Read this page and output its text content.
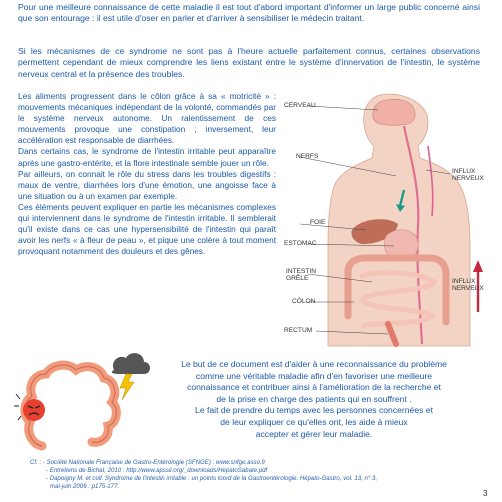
Pour une meilleure connaissance de cette maladie il est tout d'abord important d'informer un large public concerné ainsi que son entourage : il est utile d'oser en parler et d'arriver à sensibiliser le médecin traitant.

Si les mécanismes de ce syndrome ne sont pas à l'heure actuelle parfaitement connus, certaines observations permettent cependant de mieux comprendre les liens existant entre le système d'innervation de l'intestin, le système nerveux central et la présence des troubles.

Les aliments progressent dans le côlon grâce à sa « motricité » : mouvements mécaniques indépendant de la volonté, commandés par le système nerveux autonome. Un ralentissement de ces mouvements provoque une constipation ; inversement, leur accélération est responsable de diarrhées.

Dans certains cas, le syndrome de l'intestin irritable peut apparaître après une gastro-entérite, et la flore intestinale semble jouer un rôle.

Par ailleurs, on connait le rôle du stress dans les troubles digestifs : maux de ventre, diarrhées lors d'une émotion, une angoisse face à une situation ou à un examen par exemple.

Ces éléments peuvent expliquer en partie les mécanismes complexes qui interviennent dans le syndrome de l'intestin irritable. Il semblerait qu'il existe dans ce cas une hypersensibilité de l'intestin qui paraît avoir les nerfs « à fleur de peau », et pique une colère à tout moment provoquant notamment des douleurs et des gênes.

CERVEAU
NERFS
INFLUX NERVEUX
FOIE
ESTOMAC
INTESTIN GRÊLE
CÔLON
INFLUX NERVEUX
RECTUM
Le but de ce document est d'aider à une reconnaissance du problème
comme une véritable maladie afin d'en favoriser une meilleure
connaissance et contribuer ainsi à l'amélioration de la recherche et
de la prise en charge des patients qui en souffrent .
Le fait de prendre du temps avec les personnes concernées et
de leur expliquer ce qu'elles ont, les aide à mieux
accepter et gérer leur maladie.
Cf. : - Société Nationale Française de Gastro-Entérologie (SFNGE) : www.snfge.asso.fr
- Entretiens de Bichat, 2010 : http://www.apssii.org/_downloads/HepatoSabate.pdf
- Dapoigny M. et coll. Syndrome de l'intestin irritable : un points loord de la Gastroentérologie. Hépato-Gastro, vol. 13, n° 3,
mai-juin 2006 : p175-177.
3
